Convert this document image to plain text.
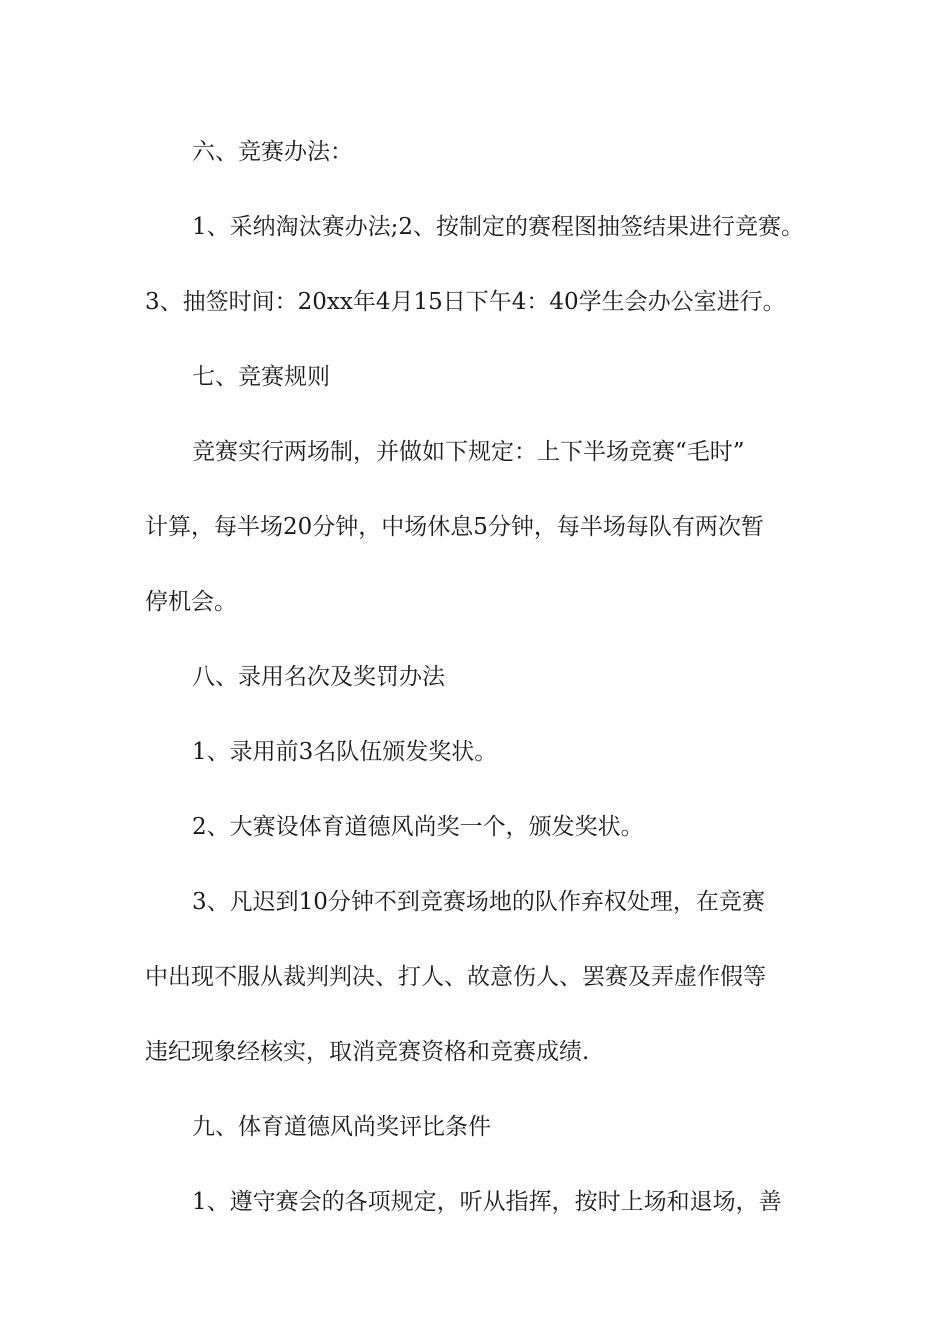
六、竞赛办法：
1、采纳淘汰赛办法;2、按制定的赛程图抽签结果进行竞赛。
3、抽签时间：20xx年4月15日下午4：40学生会办公室进行。
七、竞赛规则
竞赛实行两场制，并做如下规定：上下半场竞赛“毛时”
计算，每半场20分钟，中场休息5分钟，每半场每队有两次暂
停机会。
八、录用名次及奖罚办法
1、录用前3名队伍颁发奖状。
2、大赛设体育道德风尚奖一个，颁发奖状。
3、凡迟到10分钟不到竞赛场地的队作弃权处理，在竞赛
中出现不服从裁判判决、打人、故意伤人、罢赛及弄虚作假等
违纪现象经核实，取消竞赛资格和竞赛成绩.
九、体育道德风尚奖评比条件
1、遵守赛会的各项规定，听从指挥，按时上场和退场，善
